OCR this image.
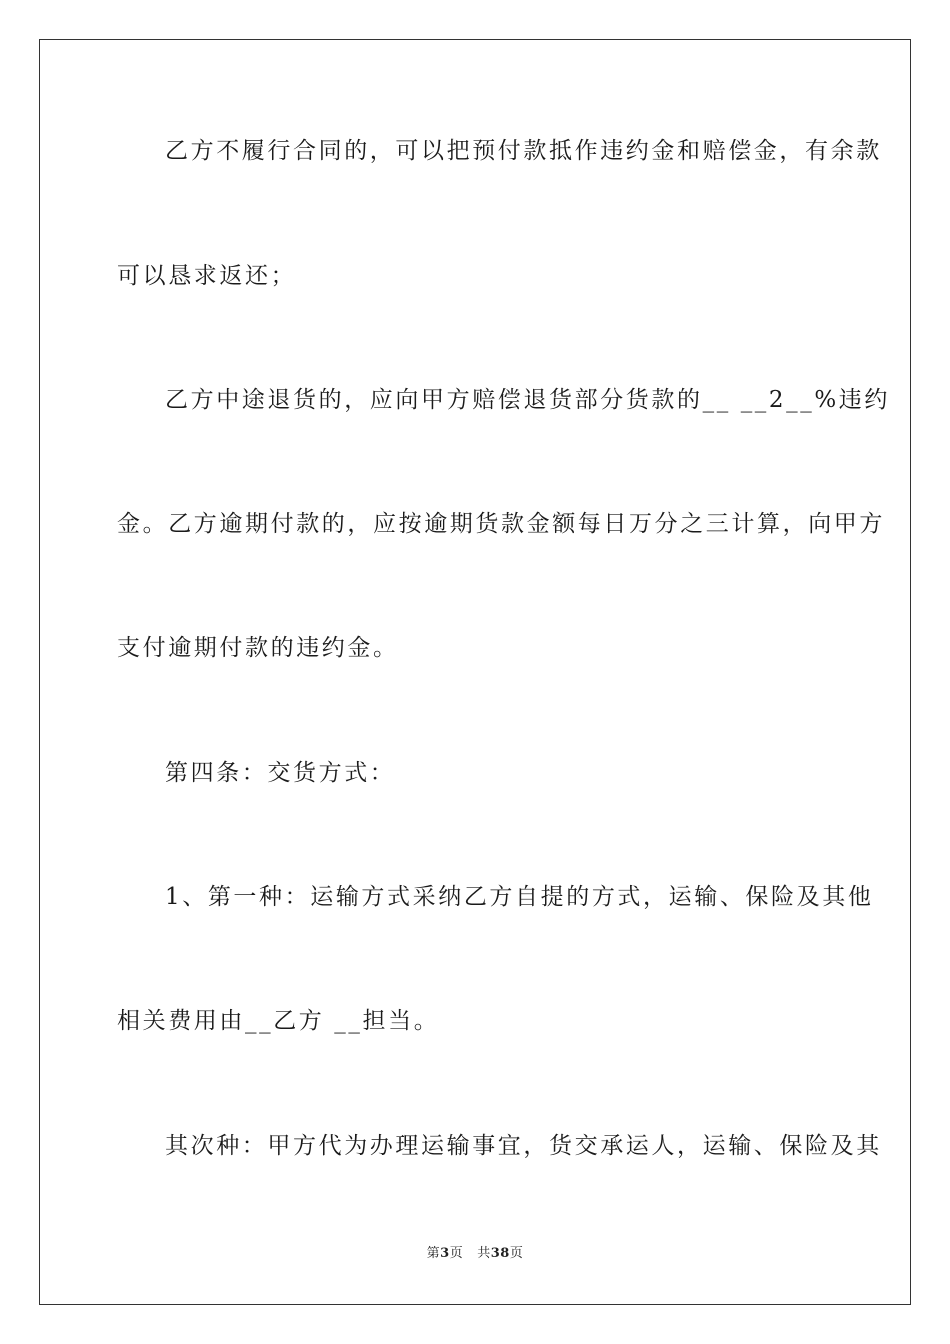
乙方不履行合同的，可以把预付款抵作违约金和赔偿金，有余款
可以恳求返还；
乙方中途退货的，应向甲方赔偿退货部分货款的__ __2__%违约
金。乙方逾期付款的，应按逾期货款金额每日万分之三计算，向甲方
支付逾期付款的违约金。
第四条：交货方式：
1、第一种：运输方式采纳乙方自提的方式，运输、保险及其他
相关费用由__乙方 __担当。
其次种：甲方代为办理运输事宜，货交承运人，运输、保险及其
第3页 共38页
